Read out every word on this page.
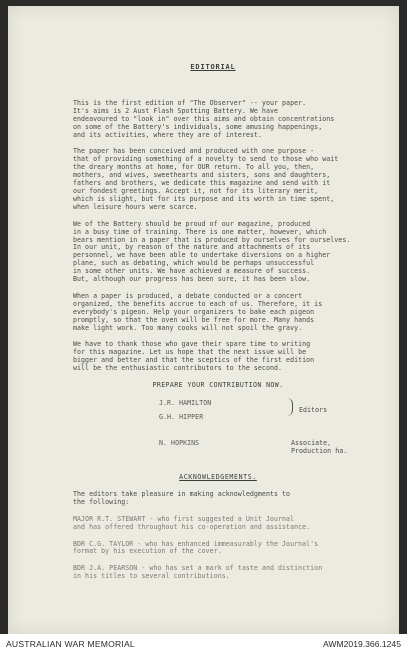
EDITORIAL
This is the first edition of "The Observer" -- your paper.
It's aims is 2 Aust Flash Spotting Battery. We have
endeavoured to "look in" over this aims and obtain concentrations
on some of the Battery's individuals, some amusing happenings,
and its activities, where they are of interest.
The paper has been conceived and produced with one purpose -
that of providing something of a novelty to send to those who wait
the dreary months at home, for OUR return. To all you, then,
mothers, and wives, sweethearts and sisters, sons and daughters,
fathers and brothers, we dedicate this magazine and send with it
our fondest greetings. Accept it, not for its literary merit,
which is slight, but for its purpose and its worth in time spent,
when leisure hours were scarce.
We of the Battery should be proud of our magazine, produced
in a busy time of training. There is one matter, however, which
bears mention in a paper that is produced by ourselves for ourselves.
In our unit, by reason of the nature and attachments of its
personnel, we have been able to undertake diversions on a higher
plane, such as debating, which would be perhaps unsuccessful
in some other units. We have achieved a measure of success.
But, although our progress has been sure, it has been slow.
When a paper is produced, a debate conducted or a concert
organized, the benefits accrue to each of us. Therefore, it is
everybody's pigeon. Help your organizers to bake each pigeon
promptly, so that the oven will be free for more. Many hands
make light work. Too many cooks will not spoil the gravy.
We have to thank those who gave their spare time to writing
for this magazine. Let us hope that the next issue will be
bigger and better and that the sceptics of the first edition
will be the enthusiastic contributors to the second.
PREPARE YOUR CONTRIBUTION NOW.
J.R. HAMILTON
G.H. HIPPER
Editors
N. HOPKINS	Associate,
Production ha.
ACKNOWLEDGEMENTS.
The editors take pleasure in making acknowledgments to
the following:
MAJOR R.T. STEWART - who first suggested a Unit Journal
and has offered throughout his co-operation and assistance.
BDR C.G. TAYLOR - who has enhanced immeasurably the Journal's
format by his execution of the cover.
BDR J.A. PEARSON - who has set a mark of taste and distinction
in his titles to several contributions.
AUSTRALIAN WAR MEMORIAL	AWM2019.366.1245
